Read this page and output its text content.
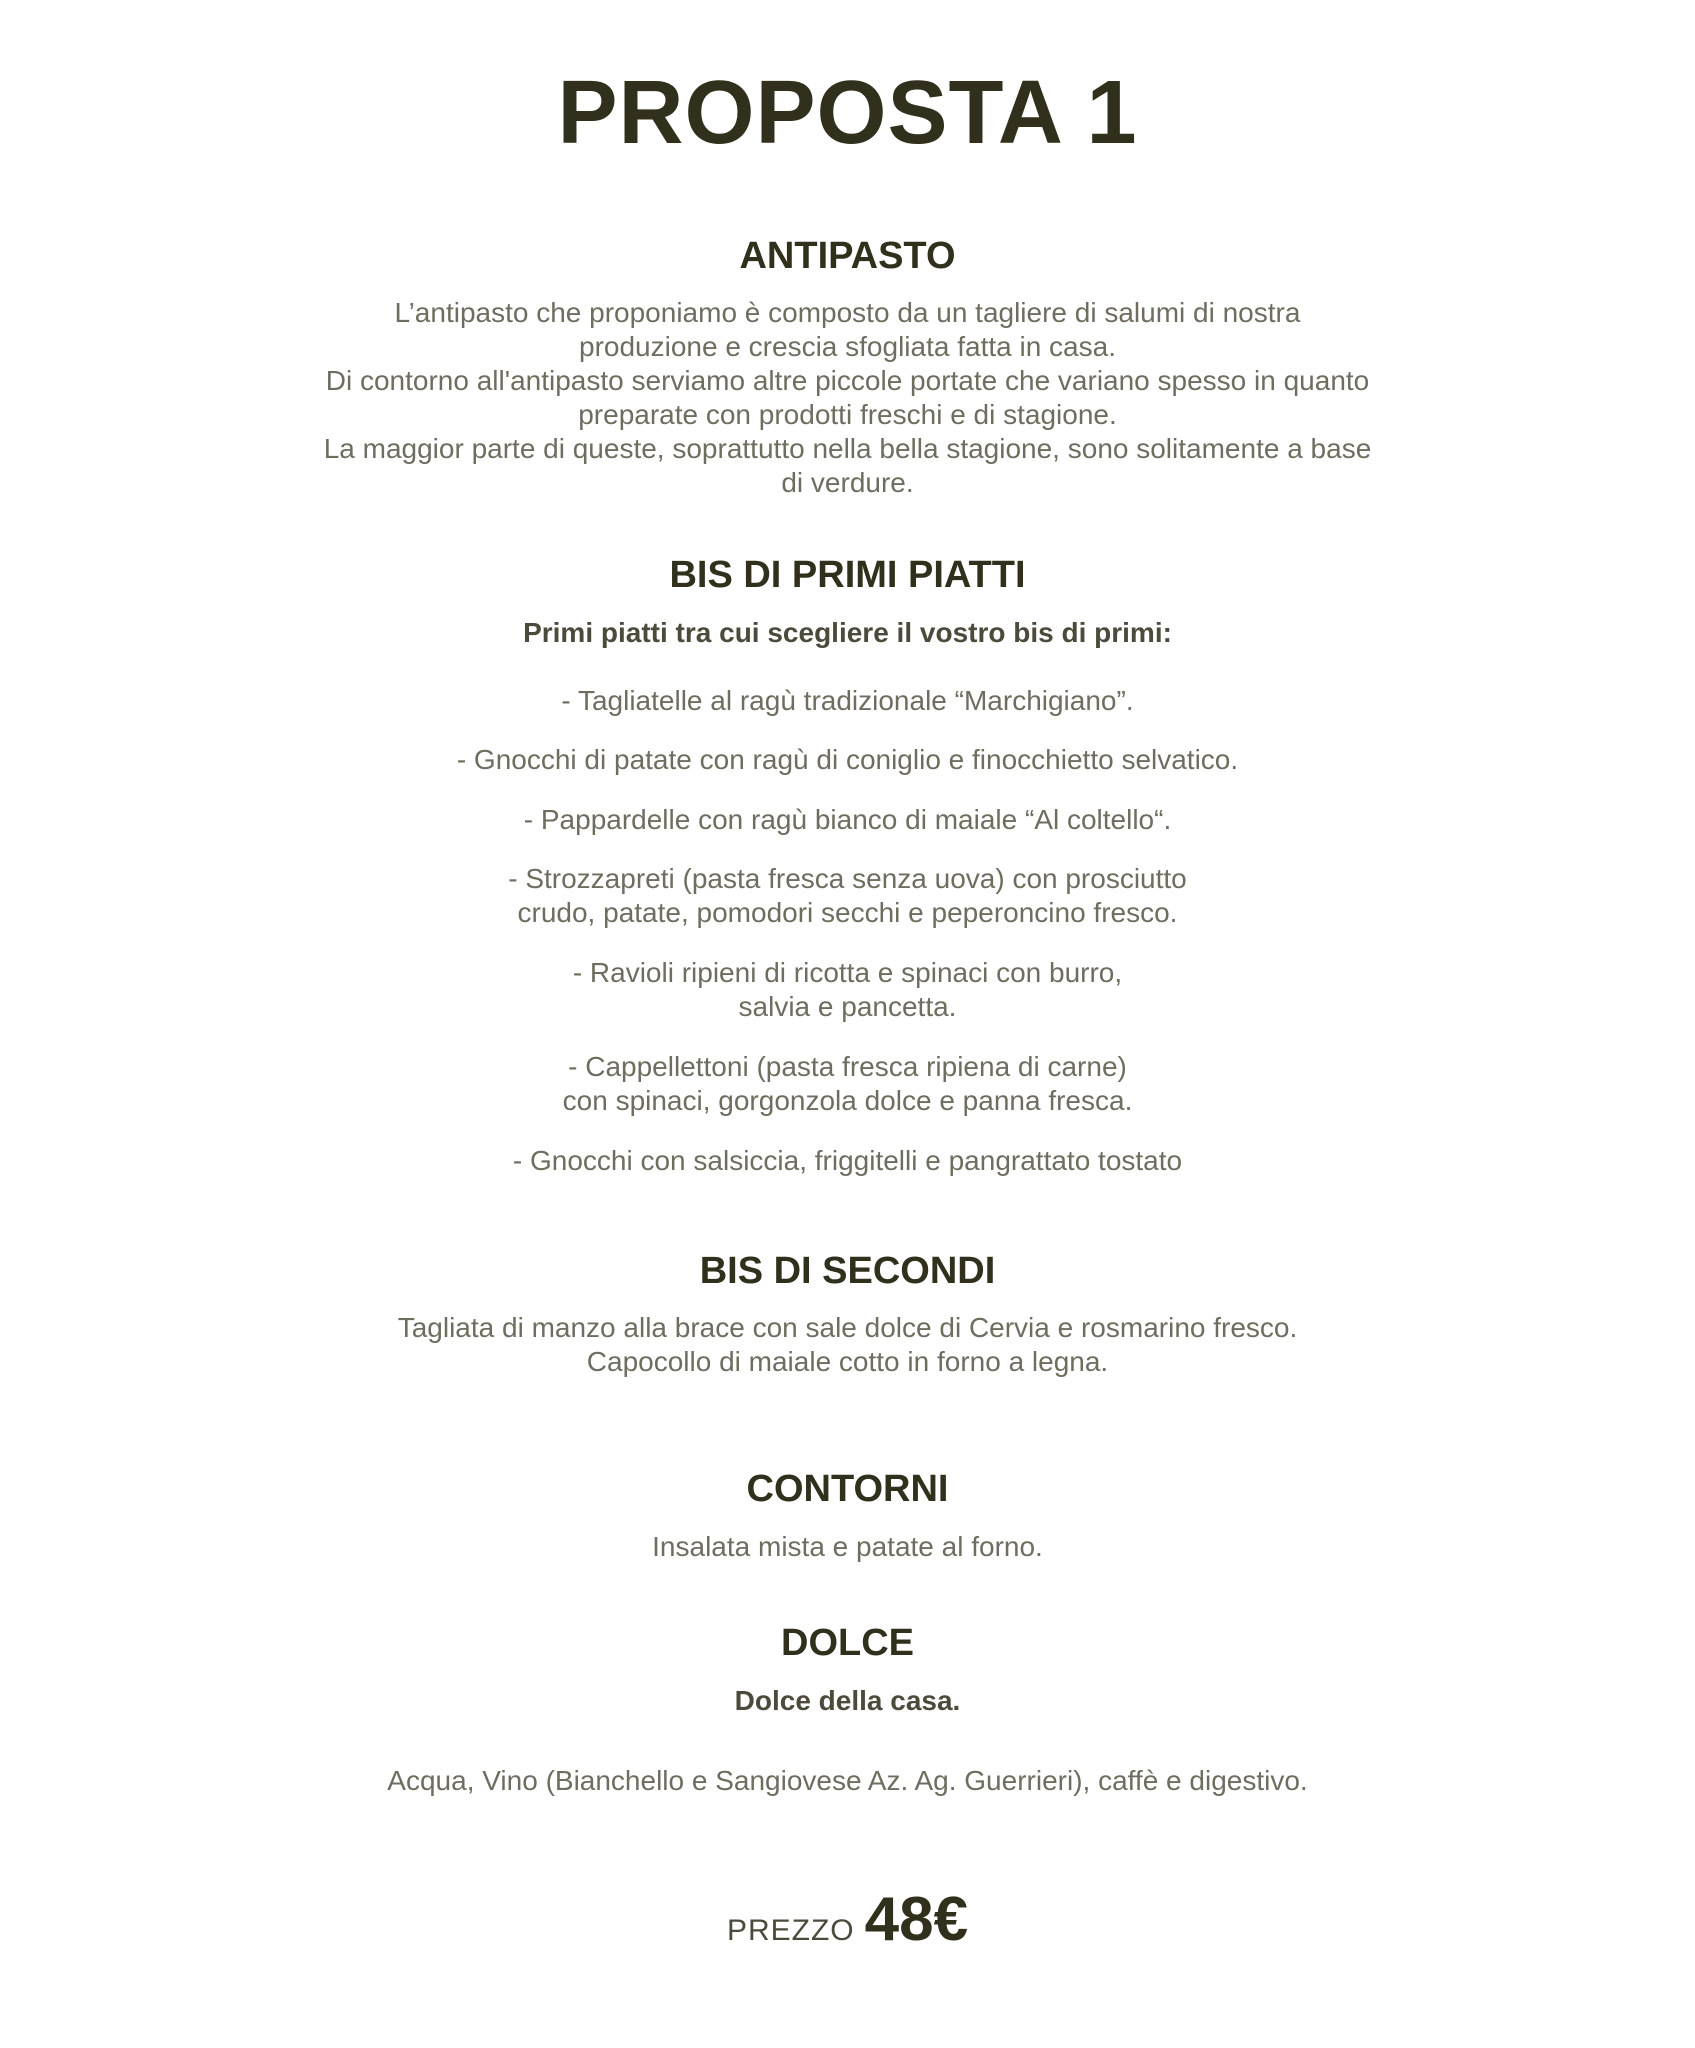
PROPOSTA 1
ANTIPASTO
L’antipasto che proponiamo è composto da un tagliere di salumi di nostra
produzione e crescia sfogliata fatta in casa.
Di contorno all'antipasto serviamo altre piccole portate che variano spesso in quanto
preparate con prodotti freschi e di stagione.
La maggior parte di queste, soprattutto nella bella stagione, sono solitamente a base
di verdure.
BIS DI PRIMI PIATTI
Primi piatti tra cui scegliere il vostro bis di primi:
- Tagliatelle al ragù tradizionale “Marchigiano”.
- Gnocchi di patate con ragù di coniglio e finocchietto selvatico.
- Pappardelle con ragù bianco di maiale “Al coltello“.
- Strozzapreti (pasta fresca senza uova) con prosciutto
crudo, patate, pomodori secchi e peperoncino fresco.
- Ravioli ripieni di ricotta e spinaci con burro,
salvia e pancetta.
- Cappellettoni (pasta fresca ripiena di carne)
con spinaci, gorgonzola dolce e panna fresca.
- Gnocchi con salsiccia, friggitelli e pangrattato tostato
BIS DI SECONDI
Tagliata di manzo alla brace con sale dolce di Cervia e rosmarino fresco.
Capocollo di maiale cotto in forno a legna.
CONTORNI
Insalata mista e patate al forno.
DOLCE
Dolce della casa.
Acqua, Vino (Bianchello e Sangiovese Az. Ag. Guerrieri), caffè e digestivo.
PREZZO 48€
